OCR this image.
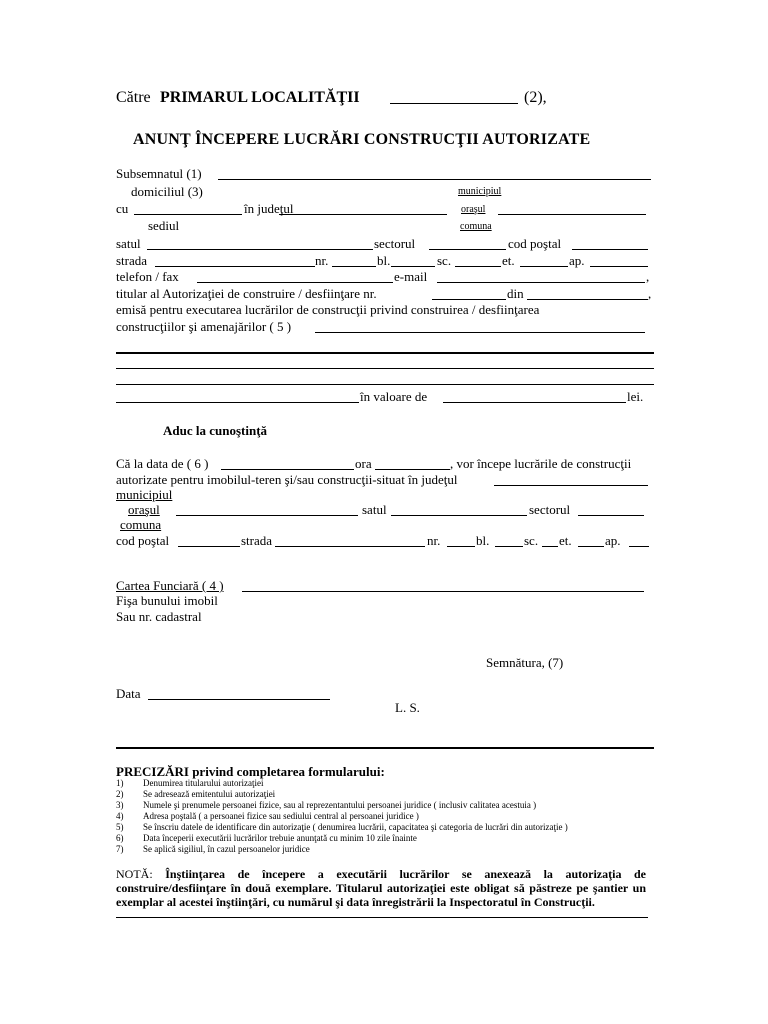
Către PRIMARUL LOCALITĂŢII	(2),
ANUNŢ ÎNCEPERE LUCRĂRI CONSTRUCŢII AUTORIZATE
Subsemnatul (1)
domiciliul (3)	municipiul
cu	în judeţul	oraşul
sediul	comuna
satul	sectorul	cod poştal
strada	nr.	bl.	sc.	et.	ap.
telefon / fax	e-mail	,
titular al Autorizaţiei de construire / desfiinţare nr.	din	,
emisă pentru executarea lucrărilor de construcţii privind construirea / desfiinţarea
construcţiilor şi amenajărilor ( 5 )
în valoare de	lei.
Aduc la cunoştinţă
Că la data de ( 6 )	ora	, vor începe lucrările de construcţii
autorizate pentru imobilul-teren şi/sau construcţii-situat în judeţul
municipiul
oraşul	satul	sectorul
comuna
cod poştal	strada	nr.	bl.	sc. et.	ap.
Cartea Funciară ( 4 )
Fişa bunului imobil
Sau nr. cadastral
Semnătura, (7)
Data
L. S.
PRECIZĂRI privind completarea formularului:
1) Denumirea titularului autorizaţiei
2) Se adresează emitentului autorizaţiei
3) Numele şi prenumele persoanei fizice, sau al reprezentantului persoanei juridice ( inclusiv calitatea acestuia )
4) Adresa poştală ( a persoanei fizice sau sediului central al persoanei juridice )
5) Se înscriu datele de identificare din autorizaţie ( denumirea lucrării, capacitatea şi categoria de lucrări din autorizaţie )
6) Data începerii executării lucrărilor trebuie anunţată cu minim 10 zile înainte
7) Se aplică sigiliul, în cazul persoanelor juridice
NOTĂ: Înştiinţarea de începere a executării lucrărilor se anexează la autorizaţia de construire/desfiinţare în două exemplare. Titularul autorizaţiei este obligat să păstreze pe şantier un exemplar al acestei înştiinţări, cu numărul şi data înregistrării la Inspectoratul în Construcţii.
